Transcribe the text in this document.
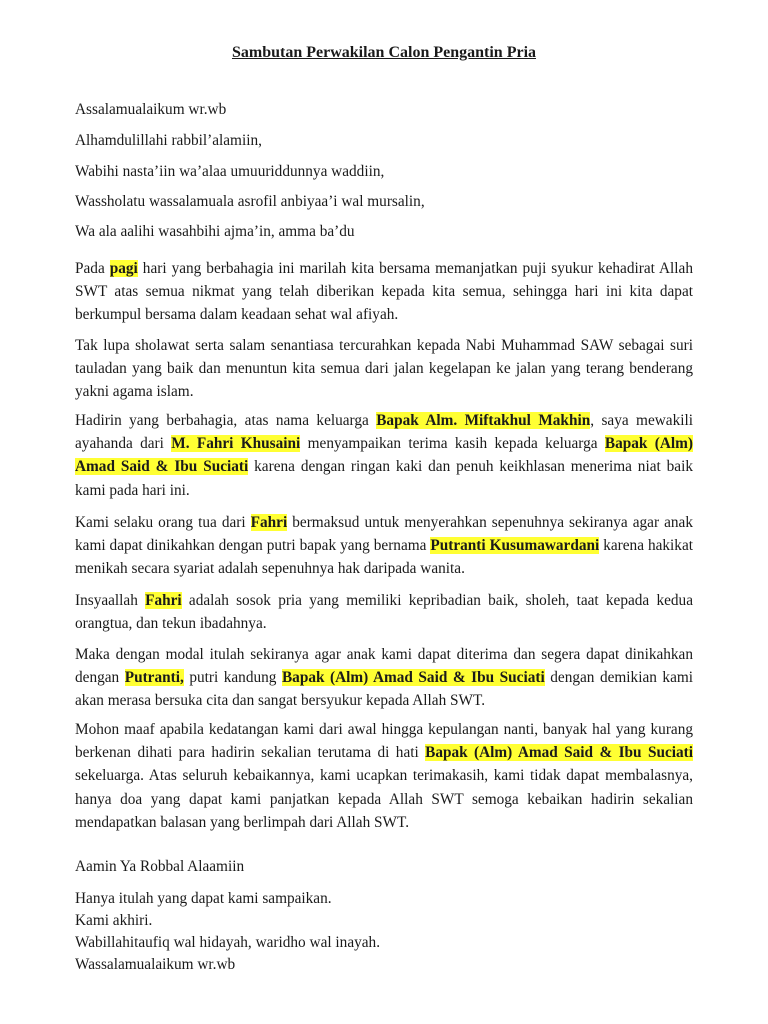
Sambutan Perwakilan Calon Pengantin Pria
Assalamualaikum wr.wb
Alhamdulillahi rabbil’alamiin,
Wabihi nasta’iin wa’alaa umuuriddunnya waddiin,
Wassholatu wassalamuala asrofil anbiyaa’i wal mursalin,
Wa ala aalihi wasahbihi ajma’in, amma ba’du
Pada pagi hari yang berbahagia ini marilah kita bersama memanjatkan puji syukur kehadirat Allah SWT atas semua nikmat yang telah diberikan kepada kita semua, sehingga hari ini kita dapat berkumpul bersama dalam keadaan sehat wal afiyah.
Tak lupa sholawat serta salam senantiasa tercurahkan kepada Nabi Muhammad SAW sebagai suri tauladan yang baik dan menuntun kita semua dari jalan kegelapan ke jalan yang terang benderang yakni agama islam.
Hadirin yang berbahagia, atas nama keluarga Bapak Alm. Miftakhul Makhin, saya mewakili ayahanda dari M. Fahri Khusaini menyampaikan terima kasih kepada keluarga Bapak (Alm) Amad Said & Ibu Suciati karena dengan ringan kaki dan penuh keikhlasan menerima niat baik kami pada hari ini.
Kami selaku orang tua dari Fahri bermaksud untuk menyerahkan sepenuhnya sekiranya agar anak kami dapat dinikahkan dengan putri bapak yang bernama Putranti Kusumawardani karena hakikat menikah secara syariat adalah sepenuhnya hak daripada wanita.
Insyaallah Fahri adalah sosok pria yang memiliki kepribadian baik, sholeh, taat kepada kedua orangtua, dan tekun ibadahnya.
Maka dengan modal itulah sekiranya agar anak kami dapat diterima dan segera dapat dinikahkan dengan Putranti, putri kandung Bapak (Alm) Amad Said & Ibu Suciati dengan demikian kami akan merasa bersuka cita dan sangat bersyukur kepada Allah SWT.
Mohon maaf apabila kedatangan kami dari awal hingga kepulangan nanti, banyak hal yang kurang berkenan dihati para hadirin sekalian terutama di hati Bapak (Alm) Amad Said & Ibu Suciati sekeluarga. Atas seluruh kebaikannya, kami ucapkan terimakasih, kami tidak dapat membalasnya, hanya doa yang dapat kami panjatkan kepada Allah SWT semoga kebaikan hadirin sekalian mendapatkan balasan yang berlimpah dari Allah SWT.
Aamin Ya Robbal Alaamiin
Hanya itulah yang dapat kami sampaikan.
Kami akhiri.
Wabillahitaufiq wal hidayah, waridho wal inayah.
Wassalamualaikum wr.wb
